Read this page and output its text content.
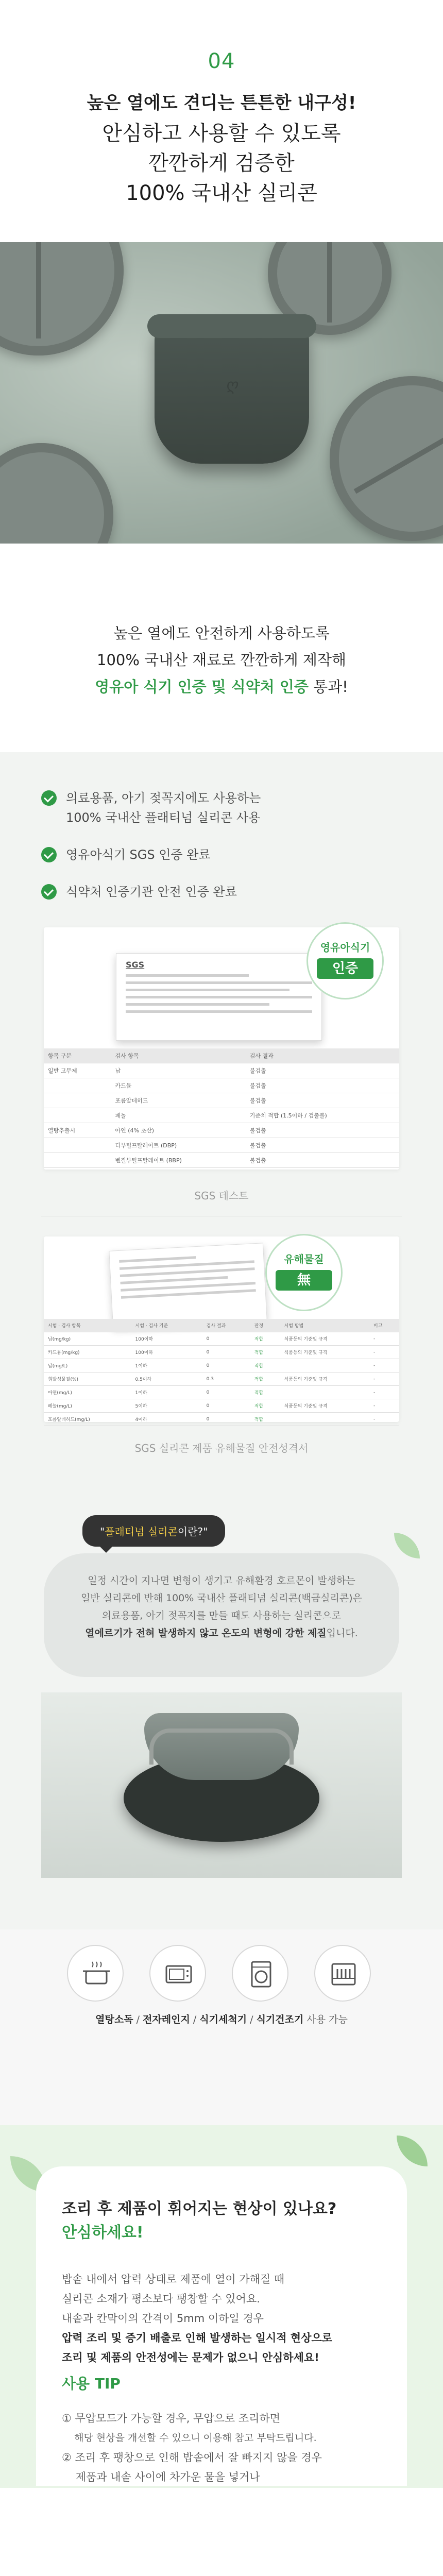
04
높은 열에도 견디는 튼튼한 내구성!
안심하고 사용할 수 있도록
깐깐하게 검증한
100% 국내산 실리콘
ღ
높은 열에도 안전하게 사용하도록
100% 국내산 재료로 깐깐하게 제작해
영유아 식기 인증 및 식약처 인증 통과!
의료용품, 아기 젖꼭지에도 사용하는
100% 국내산 플래티넘 실리콘 사용
영유아식기 SGS 인증 완료
식약처 인증기관 안전 인증 완료
SGS
영유아식기
인증
항목 구분	검사 항목	검사 결과
일반 고무제	납	불검출
	카드뮴	불검출
	포름알데히드	불검출
	페놀	기준치 적합 (1.5이하 / 검출불)
열탕추출시	아연 (4% 초산)	불검출
	디부틸프탈레이트 (DBP)	불검출
	벤질부틸프탈레이트 (BBP)	불검출
SGS 테스트
유해물질
無
시험 · 검사 항목	시험 · 검사 기준	검사 결과	판정	시험 방법	비고
납(mg/kg)	100이하	0	적합	식품등의 기준및 규격	-
카드뮴(mg/kg)	100이하	0	적합	식품등의 기준및 규격	-
납(mg/L)	1이하	0	적합		-
휘발성물질(%)	0.5이하	0.3	적합	식품등의 기준및 규격	-
아연(mg/L)	1이하	0	적합		-
페놀(mg/L)	5이하	0	적합	식품등의 기준및 규격	-
포름알데히드(mg/L)	4이하	0	적합		-
SGS 실리콘 제품 유해물질 안전성격서
"플래티넘 실리콘이란?"
일정 시간이 지나면 변형이 생기고 유해환경 호르몬이 발생하는
일반 실리콘에 반해 100% 국내산 플래티넘 실리콘(백금실리콘)은
의료용품, 아기 젖꼭지를 만들 때도 사용하는 실리콘으로
열에르기가 전혀 발생하지 않고 온도의 변형에 강한 제질입니다.
열탕소독 / 전자레인지 / 식기세척기 / 식기건조기 사용 가능
조리 후 제품이 휘어지는 현상이 있나요?
안심하세요!
밥솥 내에서 압력 상태로 제품에 열이 가해질 때
실리콘 소재가 평소보다 팽창할 수 있어요.
내솥과 칸막이의 간격이 5mm 이하일 경우
압력 조리 및 증기 배출로 인해 발생하는 일시적 현상으로
조리 및 제품의 안전성에는 문제가 없으니 안심하세요!
사용 TIP
① 무압모드가 가능할 경우, 무압으로 조리하면
해당 현상을 개선할 수 있으니 이용해 참고 부탁드립니다.
② 조리 후 팽창으로 인해 밥솥에서 잘 빠지지 않을 경우
제품과 내솥 사이에 차가운 물을 넣거나
